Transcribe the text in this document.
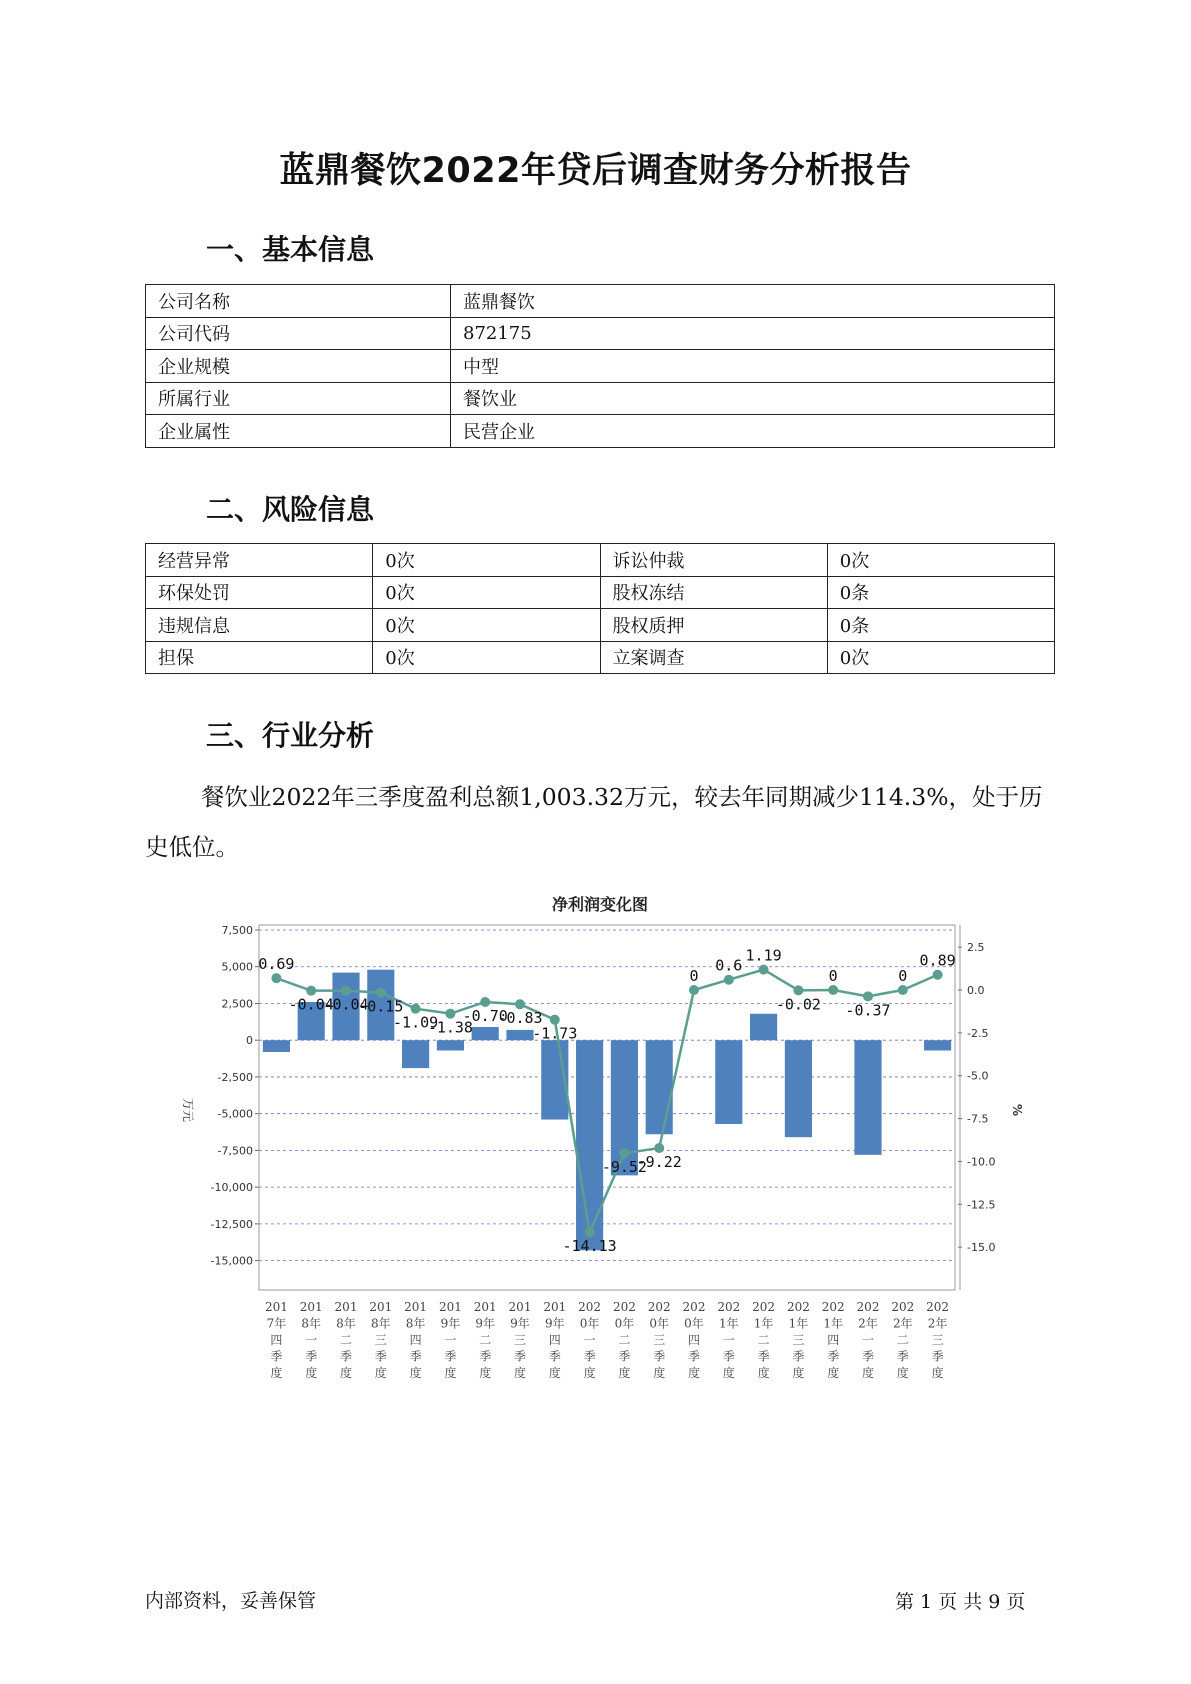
蓝鼎餐饮2022年贷后调查财务分析报告
一、基本信息
公司名称	蓝鼎餐饮
公司代码	872175
企业规模	中型
所属行业	餐饮业
企业属性	民营企业
二、风险信息
经营异常	0次	诉讼仲裁	0次
环保处罚	0次	股权冻结	0条
违规信息	0次	股权质押	0条
担保	0次	立案调查	0次
三、行业分析
餐饮业2022年三季度盈利总额1,003.32万元，较去年同期减少114.3%，处于历史低位。
净利润变化图
7,500
5,000
2,500
0
-2,500
-5,000
-7,500
-10,000
-12,500
-15,000
2.5
0.0
-2.5
-5.0
-7.5
-10.0
-12.5
-15.0
万元	%
0.69
-0.04
-0.04
-0.15
-1.09
-1.38
-0.70
-0.83
-1.73
-14.13
-9.52
-9.22
0
0.6
1.19
-0.02
0
-0.37
0
0.89
201
7年
四
季
度
201
8年
一
季
度
201
8年
二
季
度
201
8年
三
季
度
201
8年
四
季
度
201
9年
一
季
度
201
9年
二
季
度
201
9年
三
季
度
201
9年
四
季
度
202
0年
一
季
度
202
0年
二
季
度
202
0年
三
季
度
202
0年
四
季
度
202
1年
一
季
度
202
1年
二
季
度
202
1年
三
季
度
202
1年
四
季
度
202
2年
一
季
度
202
2年
二
季
度
202
2年
三
季
度
内部资料，妥善保管	第 1 页 共 9 页
